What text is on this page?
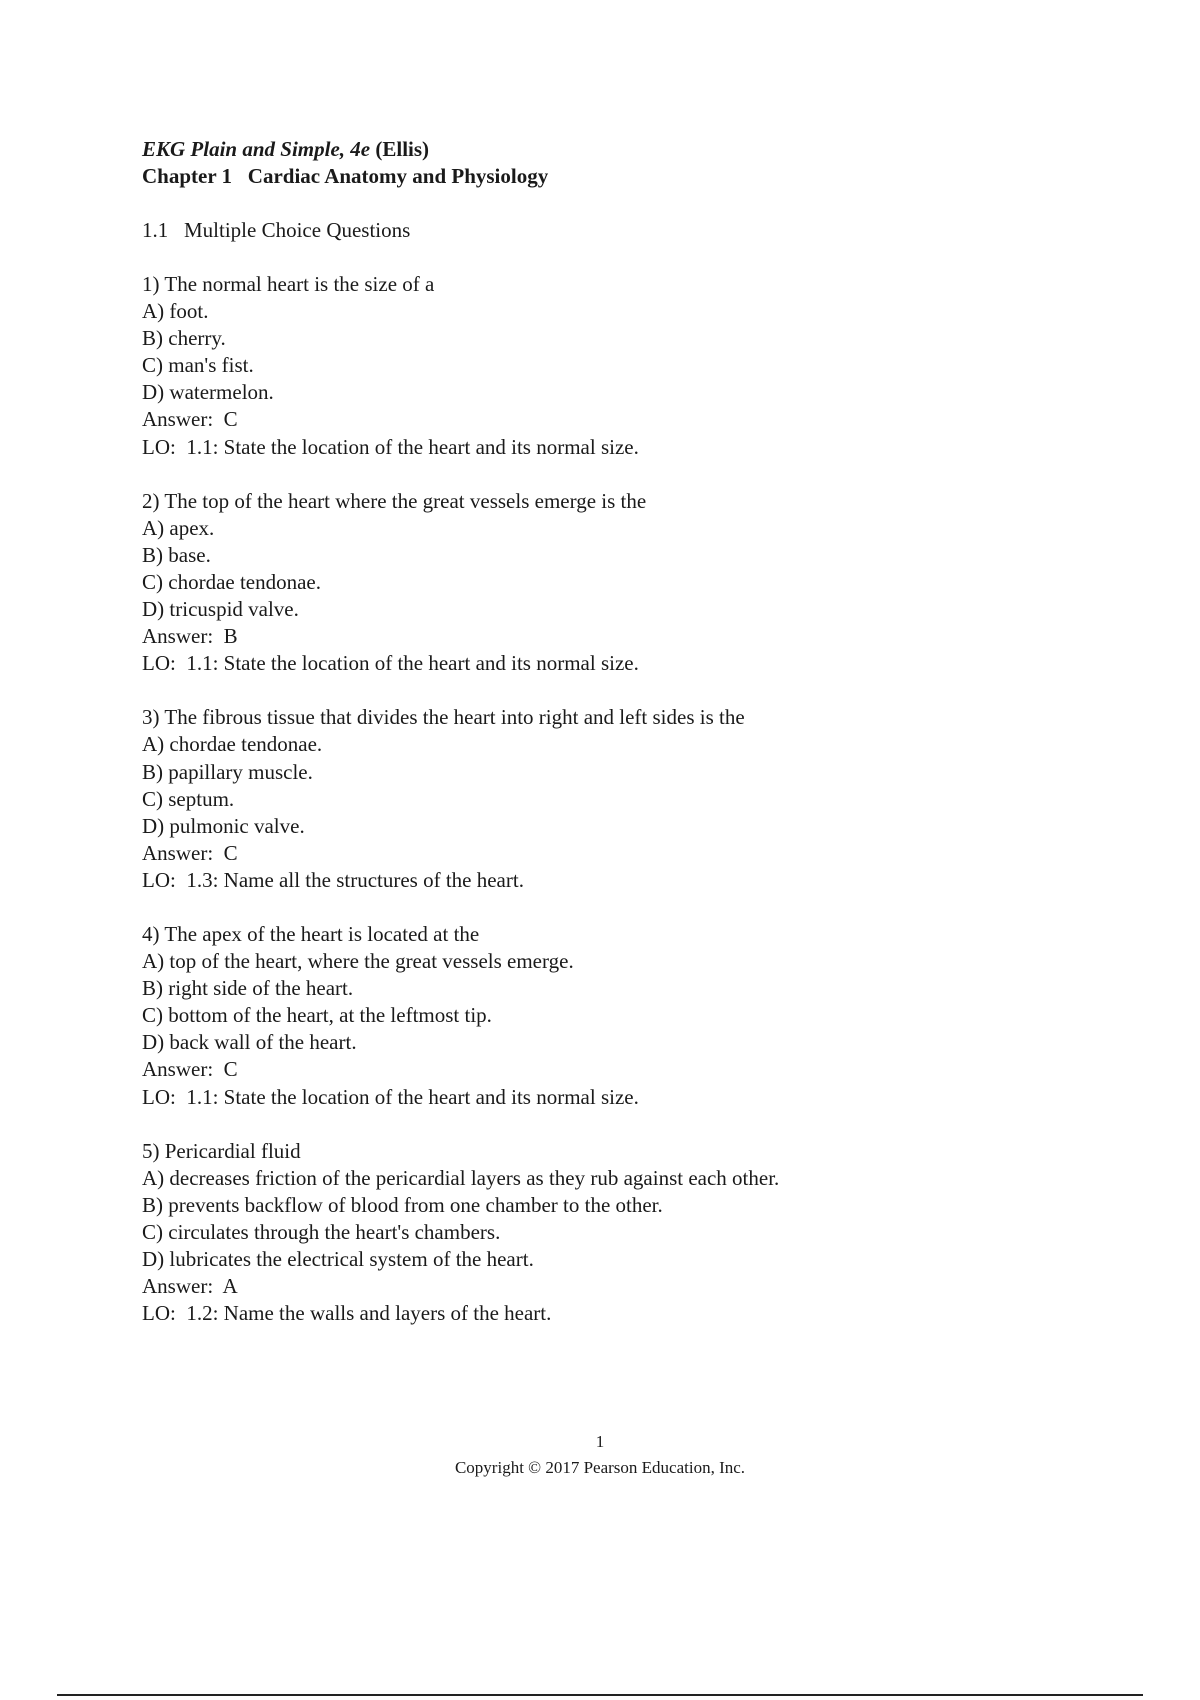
EKG Plain and Simple, 4e (Ellis)
Chapter 1   Cardiac Anatomy and Physiology
1.1   Multiple Choice Questions
1) The normal heart is the size of a
A) foot.
B) cherry.
C) man's fist.
D) watermelon.
Answer:  C
LO:  1.1: State the location of the heart and its normal size.
2) The top of the heart where the great vessels emerge is the
A) apex.
B) base.
C) chordae tendonae.
D) tricuspid valve.
Answer:  B
LO:  1.1: State the location of the heart and its normal size.
3) The fibrous tissue that divides the heart into right and left sides is the
A) chordae tendonae.
B) papillary muscle.
C) septum.
D) pulmonic valve.
Answer:  C
LO:  1.3: Name all the structures of the heart.
4) The apex of the heart is located at the
A) top of the heart, where the great vessels emerge.
B) right side of the heart.
C) bottom of the heart, at the leftmost tip.
D) back wall of the heart.
Answer:  C
LO:  1.1: State the location of the heart and its normal size.
5) Pericardial fluid
A) decreases friction of the pericardial layers as they rub against each other.
B) prevents backflow of blood from one chamber to the other.
C) circulates through the heart's chambers.
D) lubricates the electrical system of the heart.
Answer:  A
LO:  1.2: Name the walls and layers of the heart.
1
Copyright © 2017 Pearson Education, Inc.
